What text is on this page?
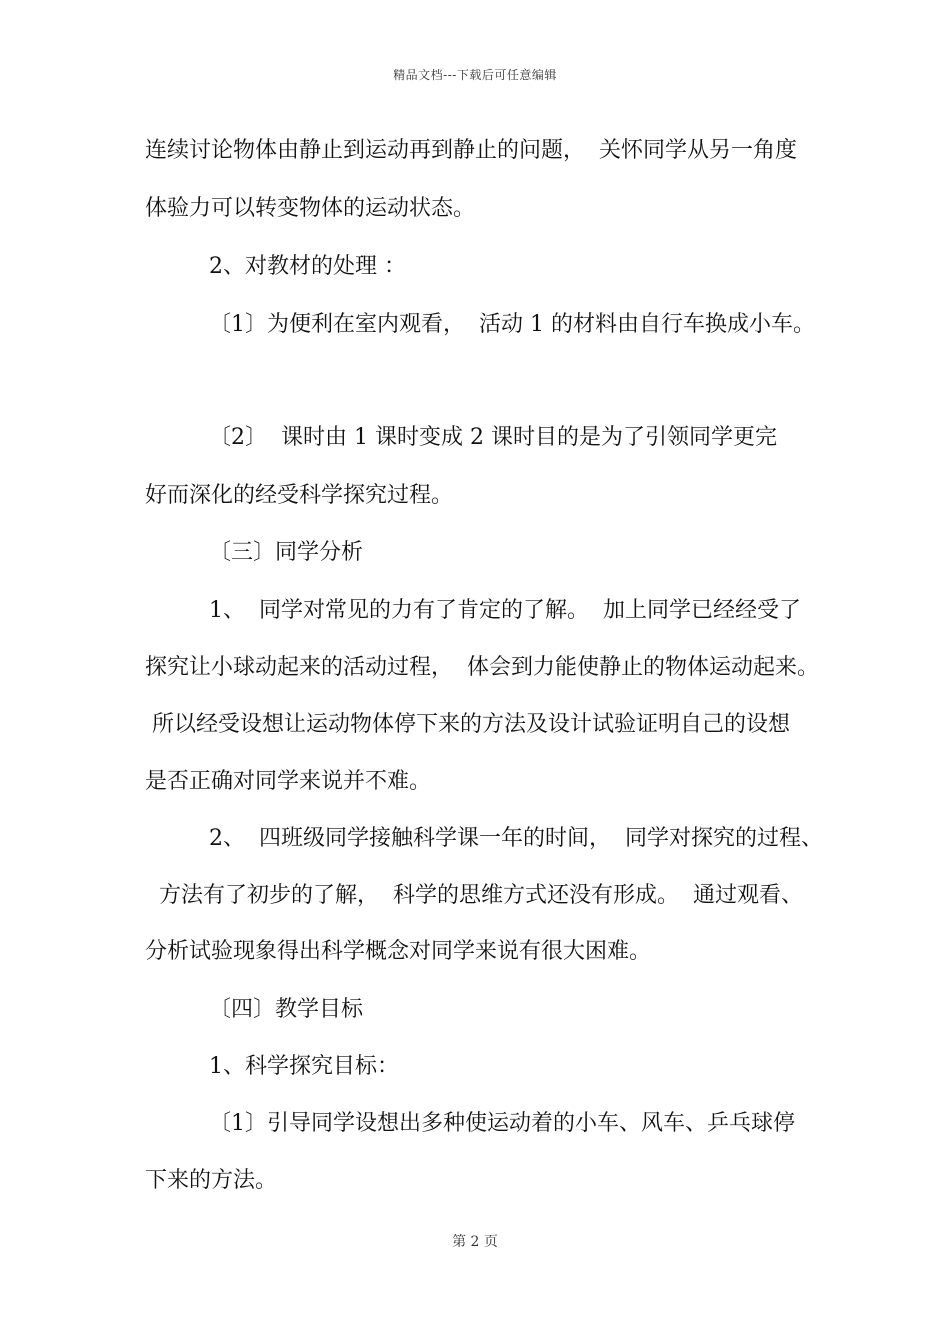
精品文档---下载后可任意编辑
连续讨论物体由静止到运动再到静止的问题，  关怀同学从另一角度
体验力可以转变物体的运动状态。
2、对教材的处理 ：
〔1〕为便利在室内观看，  活动 1 的材料由自行车换成小车。
〔2〕  课时由 1 课时变成 2 课时目的是为了引领同学更完
好而深化的经受科学探究过程。
〔三〕同学分析
1、  同学对常见的力有了肯定的了解。  加上同学已经经受了
探究让小球动起来的活动过程，  体会到力能使静止的物体运动起来。
所以经受设想让运动物体停下来的方法及设计试验证明自己的设想
是否正确对同学来说并不难。
2、  四班级同学接触科学课一年的时间，  同学对探究的过程、
方法有了初步的了解，  科学的思维方式还没有形成。  通过观看、
分析试验现象得出科学概念对同学来说有很大困难。
〔四〕教学目标
1、科学探究目标：
〔1〕引导同学设想出多种使运动着的小车、风车、乒乓球停
下来的方法。
第 2 页
